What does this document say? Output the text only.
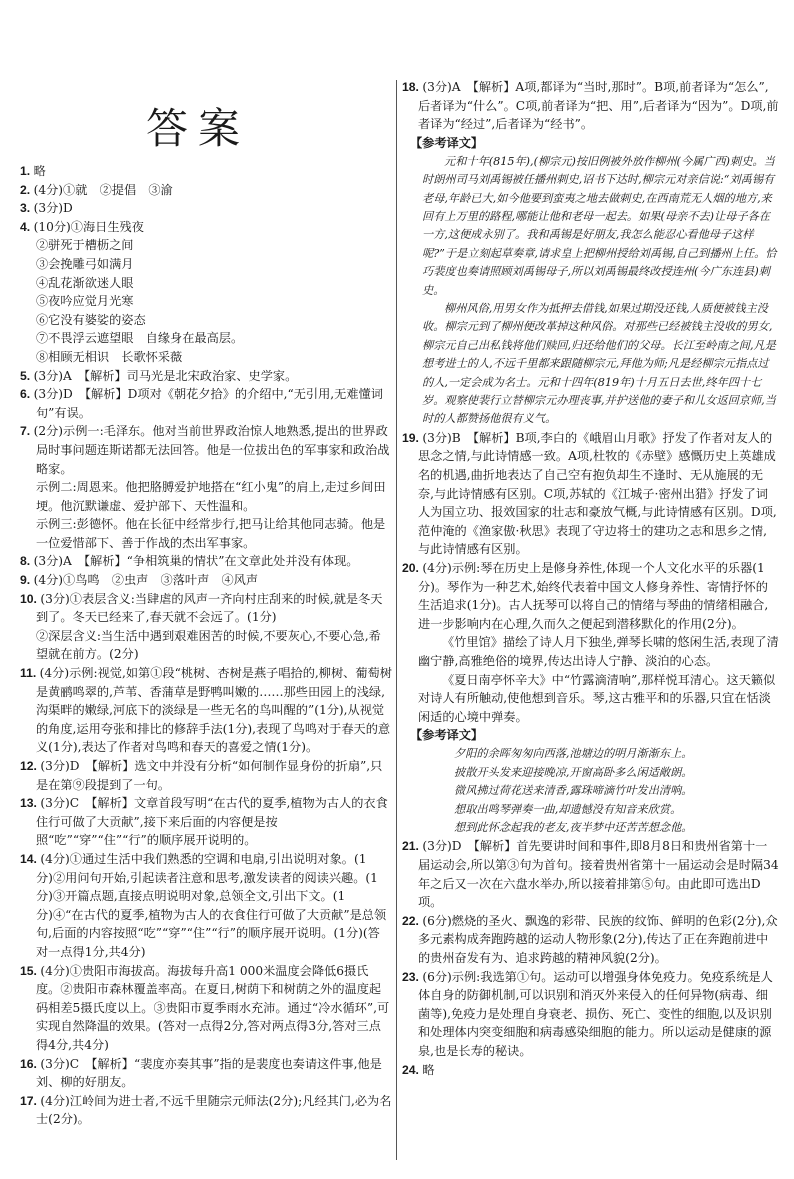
答案

1. 略

2. (4分)①就　②提倡　③渝

3. (3分)D

4. (10分)①海日生残夜

②骈死于槽枥之间

③会挽雕弓如满月

④乱花渐欲迷人眼

⑤夜吟应觉月光寒

⑥它没有婆娑的姿态

⑦不畏浮云遮望眼　自缘身在最高层。

⑧相顾无相识　长歌怀采薇

5. (3分)A　【解析】司马光是北宋政治家、史学家。

6. (3分)D　【解析】D项对《朝花夕拾》的介绍中,“无引用,无难懂词句”有误。

7. (2分)示例一:毛泽东。他对当前世界政治惊人地熟悉,提出的世界政局时事问题连斯诺都无法回答。他是一位拔出色的军事家和政治战略家。

示例二:周恩来。他把胳膊爱护地搭在“红小鬼”的肩上,走过乡间田埂。他沉默谦虚、爱护部下、天性温和。

示例三:彭德怀。他在长征中经常步行,把马让给其他同志骑。他是一位爱惜部下、善于作战的杰出军事家。

8. (3分)A　【解析】“争相筑巢的情状”在文章此处并没有体现。

9. (4分)①鸟鸣　②虫声　③落叶声　④风声

10. (3分)①表层含义:当肆虐的风声一齐向村庄刮来的时候,就是冬天到了。冬天已经来了,春天就不会远了。(1分)

②深层含义:当生活中遇到艰难困苦的时候,不要灰心,不要心急,希望就在前方。(2分)

11. (4分)示例:视觉,如第①段“桃树、杏树是燕子唱拾的,柳树、葡萄树是黄鹂鸣翠的,芦苇、香蒲草是野鸭叫嫩的……那些田园上的浅绿,沟渠畔的嫩绿,河底下的淡绿是一些无名的鸟叫醒的”(1分),从视觉的角度,运用夸张和排比的修辞手法(1分),表现了鸟鸣对于春天的意义(1分),表达了作者对鸟鸣和春天的喜爱之情(1分)。

12. (3分)D　【解析】选文中并没有分析“如何制作显身份的折扇”,只是在第⑨段提到了一句。

13. (3分)C　【解析】文章首段写明“在古代的夏季,植物为古人的衣食住行可做了大贡献”,接下来后面的内容便是按照“吃”“穿”“住”“行”的顺序展开说明的。

14. (4分)①通过生活中我们熟悉的空调和电扇,引出说明对象。(1分)②用问句开始,引起读者注意和思考,激发读者的阅读兴趣。(1分)③开篇点题,直接点明说明对象,总领全文,引出下文。(1分)④“在古代的夏季,植物为古人的衣食住行可做了大贡献”是总领句,后面的内容按照“吃”“穿”“住”“行”的顺序展开说明。(1分)(答对一点得1分,共4分)

15. (4分)①贵阳市海拔高。海拔每升高1 000米温度会降低6摄氏度。②贵阳市森林覆盖率高。在夏日,树荫下和树荫之外的温度起码相差5摄氏度以上。③贵阳市夏季雨水充沛。通过“冷水循环”,可实现自然降温的效果。(答对一点得2分,答对两点得3分,答对三点得4分,共4分)

16. (3分)C　【解析】“裴度亦奏其事”指的是裴度也奏请这件事,他是刘、柳的好朋友。

17. (4分)江岭间为进士者,不远千里随宗元师法(2分);凡经其门,必为名士(2分)。

18. (3分)A　【解析】A项,都译为“当时,那时”。B项,前者译为“怎么”,后者译为“什么”。C项,前者译为“把、用”,后者译为“因为”。D项,前者译为“经过”,后者译为“经书”。

【参考译文】

元和十年(815年),(柳宗元)按旧例被外放作柳州(今属广西)刺史。当时朗州司马刘禹锡被任播州刺史,诏书下达时,柳宗元对亲信说:“刘禹锡有老母,年龄已大,如今他要到蛮夷之地去做刺史,在西南荒无人烟的地方,来回有上万里的路程,哪能让他和老母一起去。如果(母亲不去)让母子各在一方,这便成永别了。我和禹锡是好朋友,我怎么能忍心看他母子这样呢?”于是立刻起草奏章,请求皇上把柳州授给刘禹锡,自己到播州上任。恰巧裴度也奏请照顾刘禹锡母子,所以刘禹锡最终改授连州(今广东连县)刺史。

柳州风俗,用男女作为抵押去借钱,如果过期没还钱,人质便被钱主没收。柳宗元到了柳州便改革掉这种风俗。对那些已经被钱主没收的男女,柳宗元自己出私钱将他们赎回,归还给他们的父母。长江至岭南之间,凡是想考进士的人,不远千里都来跟随柳宗元,拜他为师;凡是经柳宗元指点过的人,一定会成为名士。元和十四年(819年)十月五日去世,终年四十七岁。观察使裴行立替柳宗元办理丧事,并护送他的妻子和儿女返回京师,当时的人都赞扬他很有义气。

19. (3分)B　【解析】B项,李白的《峨眉山月歌》抒发了作者对友人的思念之情,与此诗情感一致。A项,杜牧的《赤壁》感慨历史上英雄成名的机遇,曲折地表达了自己空有抱负却生不逢时、无从施展的无奈,与此诗情感有区别。C项,苏轼的《江城子·密州出猎》抒发了词人为国立功、报效国家的壮志和豪放气概,与此诗情感有区别。D项,范仲淹的《渔家傲·秋思》表现了守边将士的建功之志和思乡之情,与此诗情感有区别。

20. (4分)示例:琴在历史上是修身养性,体现一个人文化水平的乐器(1分)。琴作为一种艺术,始终代表着中国文人修身养性、寄情抒怀的生活追求(1分)。古人抚琴可以将自己的情绪与琴曲的情绪相融合,进一步影响内在心理,久而久之便起到潜移默化的作用(2分)。

《竹里馆》描绘了诗人月下独坐,弹琴长啸的悠闲生活,表现了清幽宁静,高雅绝俗的境界,传达出诗人宁静、淡泊的心态。

《夏日南亭怀辛大》中“竹露滴清响”,那样悦耳清心。这天籁似对诗人有所触动,使他想到音乐。琴,这古雅平和的乐器,只宜在恬淡闲适的心境中弹奏。

【参考译文】

夕阳的余晖匆匆向西落,池塘边的明月渐渐东上。

披散开头发来迎接晚凉,开窗高卧多么闲适敞朗。

微风拂过荷花送来清香,露珠啼滴竹叶发出清响。

想取出鸣琴弹奏一曲,却遗憾没有知音来欣赏。

想到此怀念起我的老友,夜半梦中还苦苦想念他。

21. (3分)D　【解析】首先要讲时间和事件,即8月8日和贵州省第十一届运动会,所以第③句为首句。接着贵州省第十一届运动会是时隔34年之后又一次在六盘水举办,所以接着排第⑤句。由此即可选出D项。

22. (6分)燃烧的圣火、飘逸的彩带、民族的纹饰、鲜明的色彩(2分),众多元素构成奔跑跨越的运动人物形象(2分),传达了正在奔跑前进中的贵州奋发有为、追求跨越的精神风貌(2分)。

23. (6分)示例:我选第①句。运动可以增强身体免疫力。免疫系统是人体自身的防御机制,可以识别和消灭外来侵入的任何异物(病毒、细菌等),免疫力是处理自身衰老、损伤、死亡、变性的细胞,以及识别和处理体内突变细胞和病毒感染细胞的能力。所以运动是健康的源泉,也是长寿的秘诀。

24. 略
